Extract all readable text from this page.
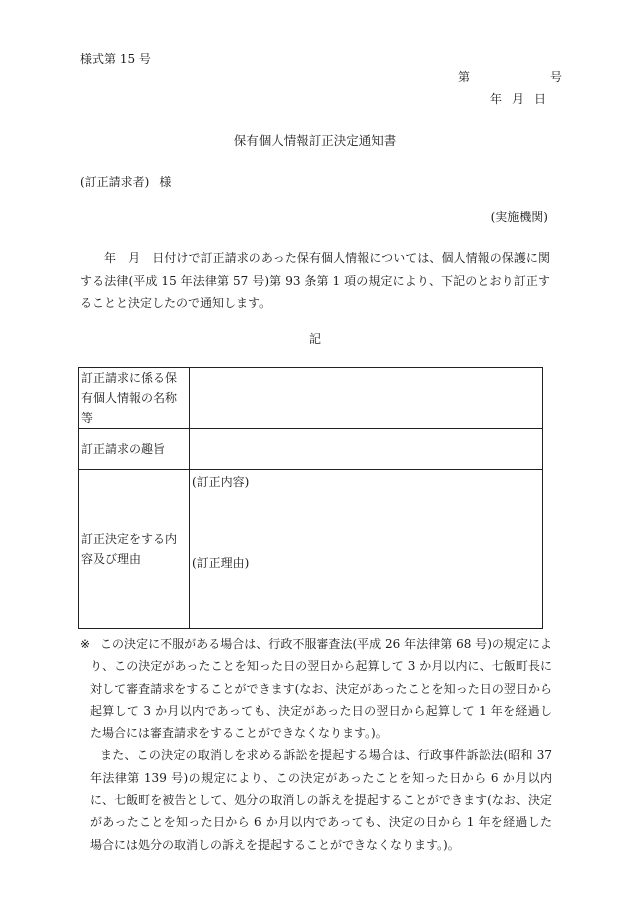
様式第 15 号
第	号
年 月 日
保有個人情報訂正決定通知書
(訂正請求者) 様
(実施機関)

年　月　日付けで訂正請求のあった保有個人情報については、個人情報の保護に関する法律(平成 15 年法律第 57 号)第 93 条第 1 項の規定により、下記のとおり訂正することと決定したので通知します。

記
訂正請求に係る保有個人情報の名称等	
訂正請求の趣旨	
訂正決定をする内容及び理由	(訂正内容)
(訂正理由)
※ この決定に不服がある場合は、行政不服審査法(平成 26 年法律第 68 号)の規定により、この決定があったことを知った日の翌日から起算して 3 か月以内に、七飯町長に対して審査請求をすることができます(なお、決定があったことを知った日の翌日から起算して 3 か月以内であっても、決定があった日の翌日から起算して 1 年を経過した場合には審査請求をすることができなくなります。)。

また、この決定の取消しを求める訴訟を提起する場合は、行政事件訴訟法(昭和 37 年法律第 139 号)の規定により、この決定があったことを知った日から 6 か月以内に、七飯町を被告として、処分の取消しの訴えを提起することができます(なお、決定があったことを知った日から 6 か月以内であっても、決定の日から 1 年を経過した場合には処分の取消しの訴えを提起することができなくなります。)。
